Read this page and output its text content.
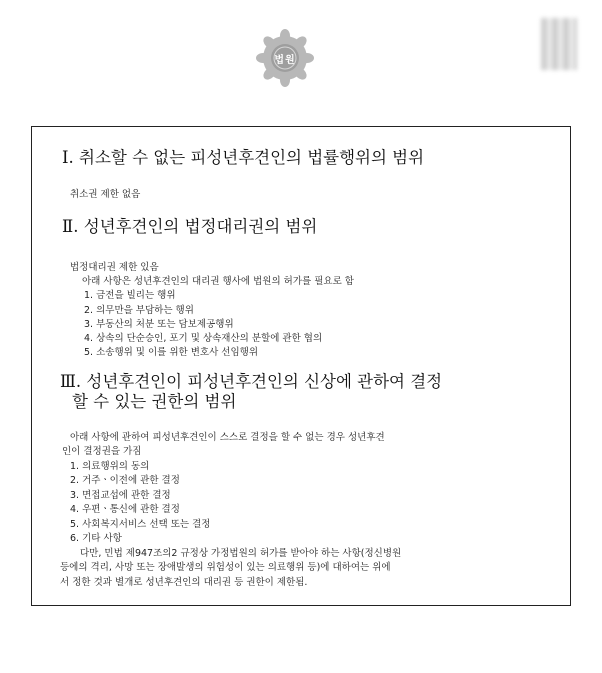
법원
Ⅰ. 취소할 수 없는 피성년후견인의 법률행위의 범위
취소권 제한 없음
Ⅱ. 성년후견인의 법정대리권의 범위
법정대리권 제한 있음
아래 사항은 성년후견인의 대리권 행사에 법원의 허가를 필요로 함
1. 금전을 빌리는 행위
2. 의무만을 부담하는 행위
3. 부동산의 처분 또는 담보제공행위
4. 상속의 단순승인, 포기 및 상속재산의 분할에 관한 협의
5. 소송행위 및 이를 위한 변호사 선임행위
Ⅲ. 성년후견인이 피성년후견인의 신상에 관하여 결정
할 수 있는 권한의 범위
아래 사항에 관하여 피성년후견인이 스스로 결정을 할 수 없는 경우 성년후견
인이 결정권을 가짐
1. 의료행위의 동의
2. 거주ㆍ이전에 관한 결정
3. 면접교섭에 관한 결정
4. 우편ㆍ통신에 관한 결정
5. 사회복지서비스 선택 또는 결정
6. 기타 사항
다만, 민법 제947조의2 규정상 가정법원의 허가를 받아야 하는 사항(정신병원
등에의 격리, 사망 또는 장애발생의 위험성이 있는 의료행위 등)에 대하여는 위에
서 정한 것과 별개로 성년후견인의 대리권 등 권한이 제한됨.
